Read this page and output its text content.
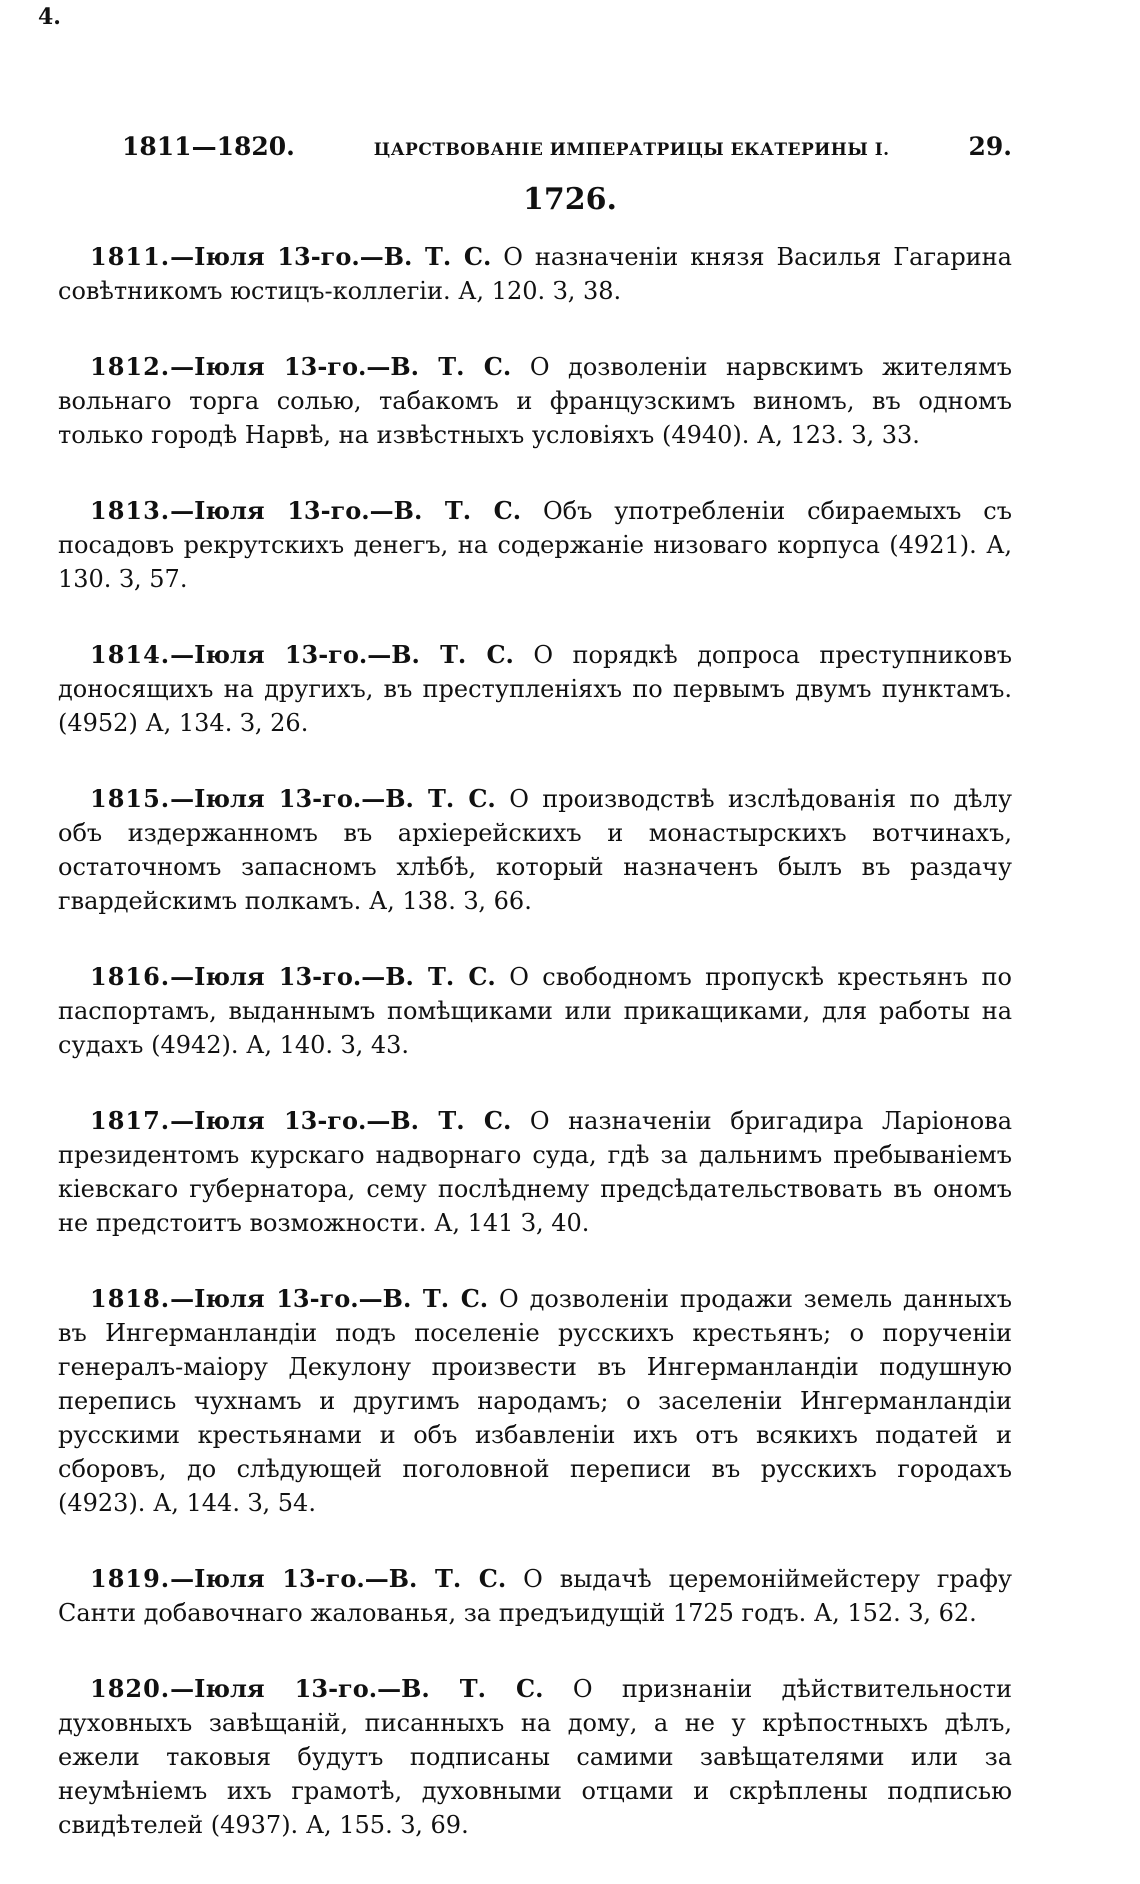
4.
1811—1820.	ЦАРСТВОВАНІЕ ИМПЕРАТРИЦЫ ЕКАТЕРИНЫ I.	29.
1726.

1811.—Іюля 13-го.—В. Т. С. О назначеніи князя Василья Гагарина совѣтникомъ юстицъ-коллегіи. А, 120. З, 38.

1812.—Іюля 13-го.—В. Т. С. О дозволеніи нарвскимъ жителямъ вольнаго торга солью, табакомъ и французскимъ виномъ, въ одномъ только городѣ Нарвѣ, на извѣстныхъ условіяхъ (4940). А, 123. З, 33.

1813.—Іюля 13-го.—В. Т. С. Объ употребленіи сбираемыхъ съ посадовъ рекрутскихъ денегъ, на содержаніе низоваго корпуса (4921). А, 130. З, 57.

1814.—Іюля 13-го.—В. Т. С. О порядкѣ допроса преступниковъ доносящихъ на другихъ, въ преступленіяхъ по первымъ двумъ пунктамъ. (4952) А, 134. З, 26.

1815.—Іюля 13-го.—В. Т. С. О производствѣ изслѣдованія по дѣлу объ издержанномъ въ архіерейскихъ и монастырскихъ вотчинахъ, остаточномъ запасномъ хлѣбѣ, который назначенъ былъ въ раздачу гвардейскимъ полкамъ. А, 138. З, 66.

1816.—Іюля 13-го.—В. Т. С. О свободномъ пропускѣ крестьянъ по паспортамъ, выданнымъ помѣщиками или прикащиками, для работы на судахъ (4942). А, 140. З, 43.

1817.—Іюля 13-го.—В. Т. С. О назначеніи бригадира Ларіонова президентомъ курскаго надворнаго суда, гдѣ за дальнимъ пребываніемъ кіевскаго губернатора, сему послѣднему предсѣдательствовать въ ономъ не предстоитъ возможности. А, 141 З, 40.

1818.—Іюля 13-го.—В. Т. С. О дозволеніи продажи земель данныхъ въ Ингерманландіи подъ поселеніе русскихъ крестьянъ; о порученіи генералъ-маіору Декулону произвести въ Ингерманландіи подушную перепись чухнамъ и другимъ народамъ; о заселеніи Ингерманландіи русскими крестьянами и объ избавленіи ихъ отъ всякихъ податей и сборовъ, до слѣдующей поголовной переписи въ русскихъ городахъ (4923). А, 144. З, 54.

1819.—Іюля 13-го.—В. Т. С. О выдачѣ церемоніймейстеру графу Санти добавочнаго жалованья, за предъидущій 1725 годъ. А, 152. З, 62.

1820.—Іюля 13-го.—В. Т. С. О признаніи дѣйствительности духовныхъ завѣщаній, писанныхъ на дому, а не у крѣпостныхъ дѣлъ, ежели таковыя будутъ подписаны самими завѣщателями или за неумѣніемъ ихъ грамотѣ, духовными отцами и скрѣплены подписью свидѣтелей (4937). А, 155. З, 69.
